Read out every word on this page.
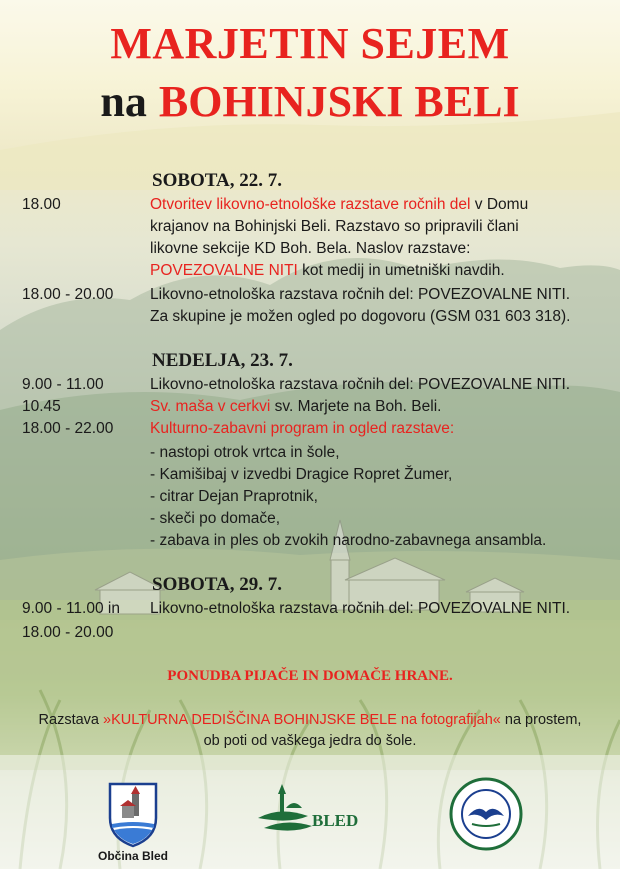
MARJETIN SEJEM
na BOHINJSKI BELI
SOBOTA, 22. 7.
18.00	Otvoritev likovno-etnološke razstave ročnih del v Domu
krajanov na Bohinjski Beli. Razstavo so pripravili člani
likovne sekcije KD Boh. Bela. Naslov razstave:
POVEZOVALNE NITI kot medij in umetniški navdih.
18.00 - 20.00 Likovno-etnološka razstava ročnih del: POVEZOVALNE NITI.
Za skupine je možen ogled po dogovoru (GSM 031 603 318).
NEDELJA, 23. 7.
9.00 - 11.00	Likovno-etnološka razstava ročnih del: POVEZOVALNE NITI.
10.45	Sv. maša v cerkvi sv. Marjete na Boh. Beli.
18.00 - 22.00 Kulturno-zabavni program in ogled razstave:
- nastopi otrok vrtca in šole,
- Kamišibaj v izvedbi Dragice Ropret Žumer,
- citrar Dejan Praprotnik,
- skeči po domače,
- zabava in ples ob zvokih narodno-zabavnega ansambla.
SOBOTA, 29. 7.
9.00 - 11.00 in Likovno-etnološka razstava ročnih del: POVEZOVALNE NITI.
18.00 - 20.00
PONUDBA PIJAČE IN DOMAČE HRANE.
Razstava »KULTURNA DEDIŠČINA BOHINJSKE BELE na fotografijah« na prostem,
ob poti od vaškega jedra do šole.
Občina Bled
BLED
